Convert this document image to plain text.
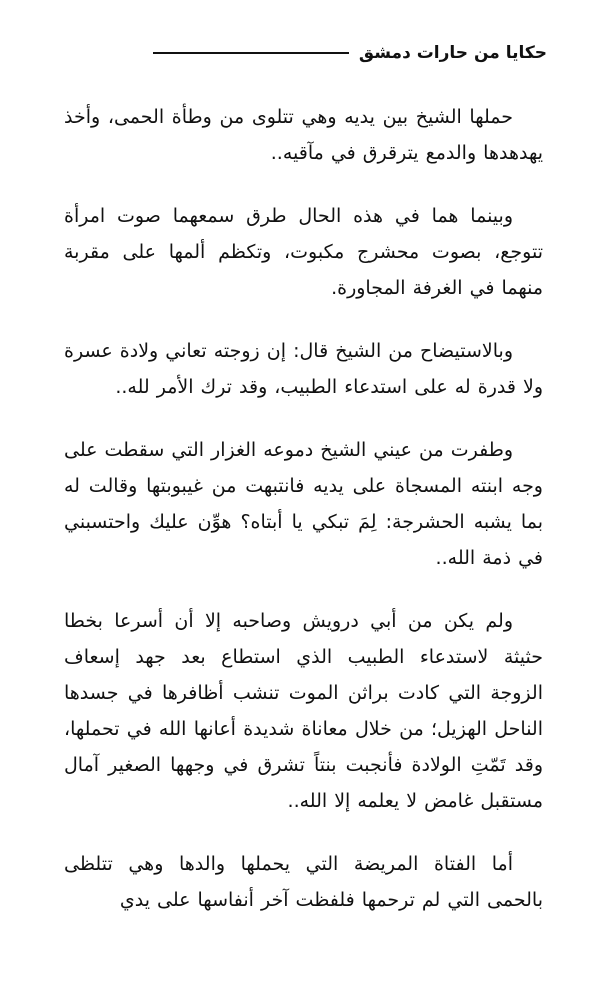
حكايا من حارات دمشق

حملها الشيخ بين يديه وهي تتلوى من وطأة الحمى، وأخذ يهدهدها والدمع يترقرق في مآقيه..

وبينما هما في هذه الحال طرق سمعهما صوت امرأة تتوجع، بصوت محشرج مكبوت، وتكظم ألمها على مقربة منهما في الغرفة المجاورة.

وبالاستيضاح من الشيخ قال: إن زوجته تعاني ولادة عسرة ولا قدرة له على استدعاء الطبيب، وقد ترك الأمر لله..

وطفرت من عيني الشيخ دموعه الغزار التي سقطت على وجه ابنته المسجاة على يديه فانتبهت من غيبوبتها وقالت له بما يشبه الحشرجة: لِمَ تبكي يا أبتاه؟ هوِّن عليك واحتسبني في ذمة الله..

ولم يكن من أبي درويش وصاحبه إلا أن أسرعا بخطا حثيثة لاستدعاء الطبيب الذي استطاع بعد جهد إسعاف الزوجة التي كادت براثن الموت تنشب أظافرها في جسدها الناحل الهزيل؛ من خلال معاناة شديدة أعانها الله في تحملها، وقد تَمّتِ الولادة فأنجبت بنتاً تشرق في وجهها الصغير آمال مستقبل غامض لا يعلمه إلا الله..

أما الفتاة المريضة التي يحملها والدها وهي تتلظى بالحمى التي لم ترحمها فلفظت آخر أنفاسها على يدي
